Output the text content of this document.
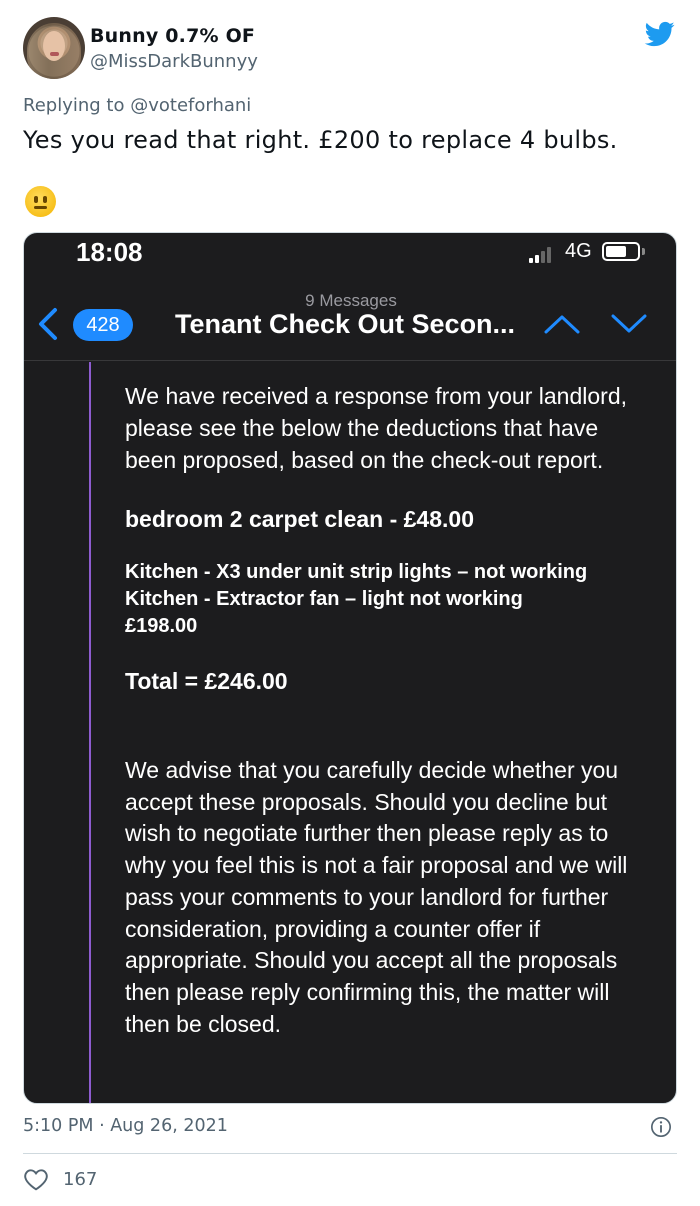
Bunny 0.7% OF
@MissDarkBunnyy
Replying to @voteforhani
Yes you read that right. £200 to replace 4 bulbs.
18:08	4G
9 Messages
428	Tenant Check Out Secon...
We have received a response from your landlord, please see the below the deductions that have been proposed, based on the check-out report.
bedroom 2 carpet clean - £48.00
Kitchen - X3 under unit strip lights – not working
Kitchen - Extractor fan – light not working
£198.00
Total = £246.00
We advise that you carefully decide whether you accept these proposals. Should you decline but wish to negotiate further then please reply as to why you feel this is not a fair proposal and we will pass your comments to your landlord for further consideration, providing a counter offer if appropriate. Should you accept all the proposals then please reply confirming this, the matter will then be closed.
5:10 PM · Aug 26, 2021
167
